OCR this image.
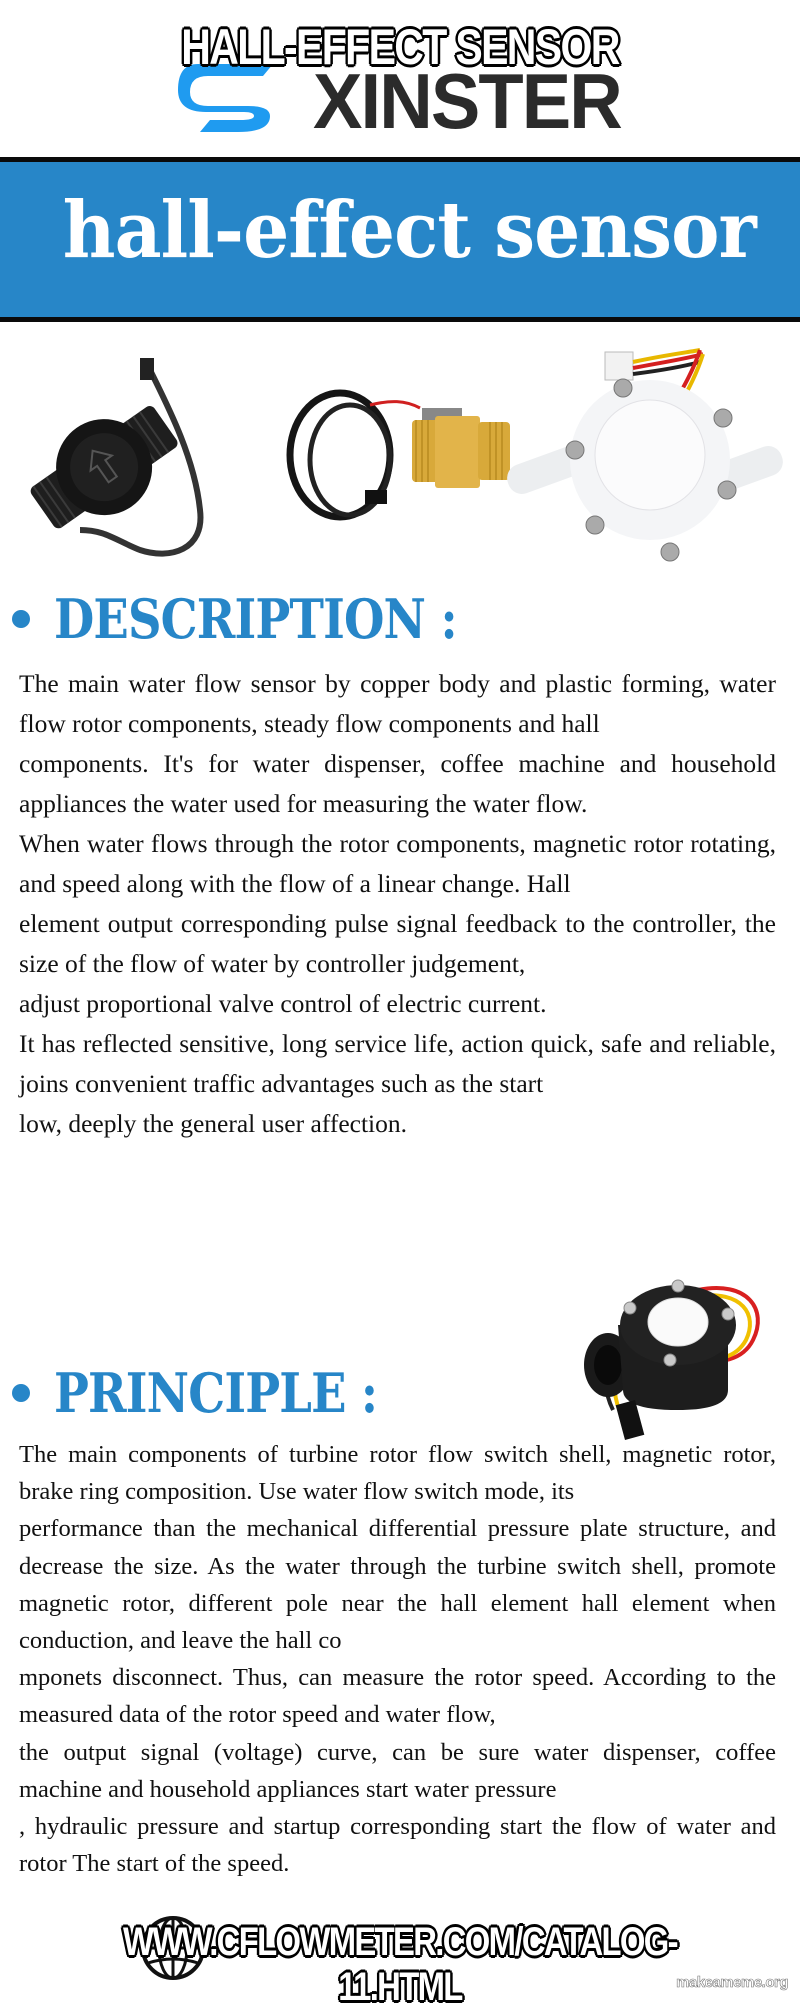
XINSTER
HALL-EFFECT SENSOR
hall-effect sensor
DESCRIPTION :

The main water flow sensor by copper body and plastic forming, water flow rotor components, steady flow components and hall

components. It's for water dispenser, coffee machine and household appliances the water used for measuring the water flow.

When water flows through the rotor components, magnetic rotor rotating, and speed along with the flow of a linear change. Hall

element output corresponding pulse signal feedback to the controller, the size of the flow of water by controller judgement,

adjust proportional valve control of electric current.

It has reflected sensitive, long service life, action quick, safe and reliable, joins convenient traffic advantages such as the start

low, deeply the general user affection.

PRINCIPLE :

The main components of turbine rotor flow switch shell, magnetic rotor, brake ring composition. Use water flow switch mode, its

performance than the mechanical differential pressure plate structure, and decrease the size. As the water through the turbine switch shell, promote magnetic rotor, different pole near the hall element hall element when conduction, and leave the hall co

mponets disconnect. Thus, can measure the rotor speed. According to the measured data of the rotor speed and water flow,

the output signal (voltage) curve, can be sure water dispenser, coffee machine and household appliances start water pressure

, hydraulic pressure and startup corresponding start the flow of water and rotor The start of the speed.

WWW.CFLOWMETER.COM/CATALOG-11.HTML	makeameme.org
